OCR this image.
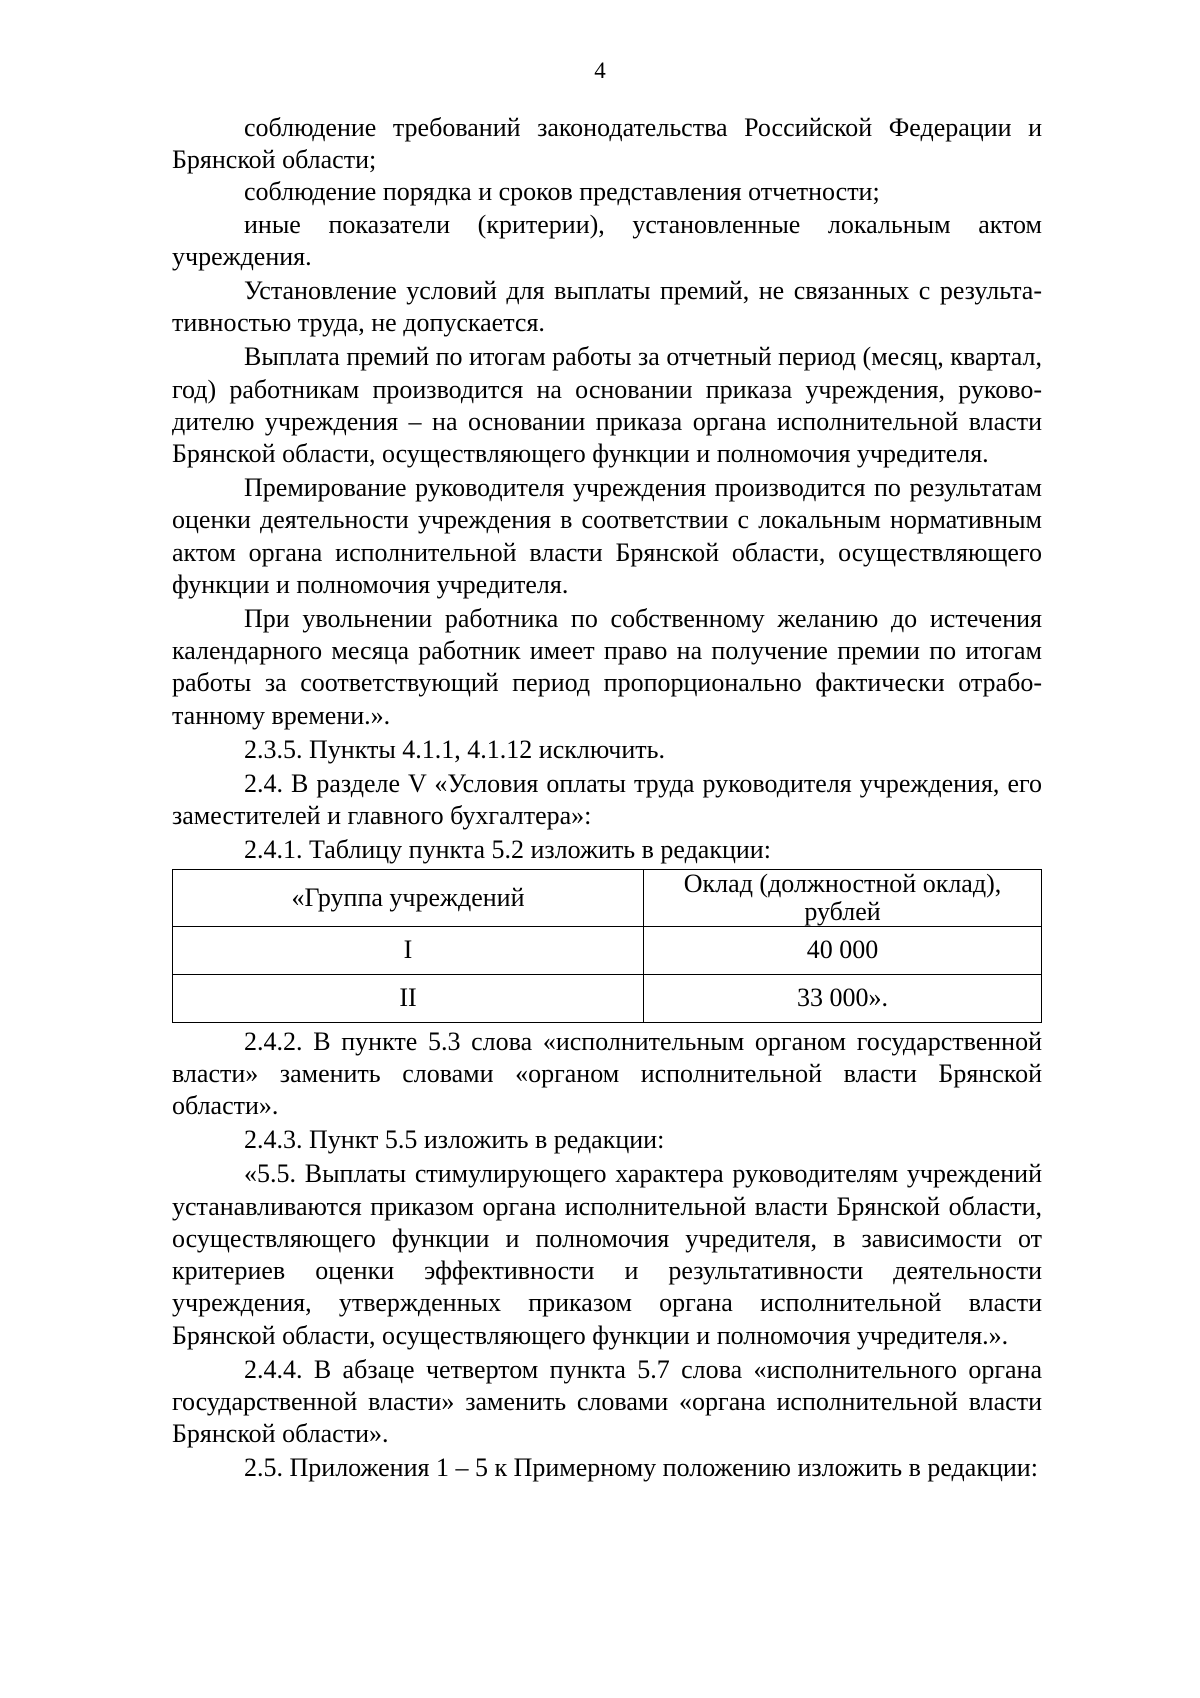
4

соблюдение требований законодательства Российской Федерации и Брянской области;

соблюдение порядка и сроков представления отчетности;

иные показатели (критерии), установленные локальным актом учреждения.

Установление условий для выплаты премий, не связанных с результативностью труда, не допускается.

Выплата премий по итогам работы за отчетный период (месяц, квартал, год) работникам производится на основании приказа учреждения, руководителю учреждения – на основании приказа органа исполнительной власти Брянской области, осуществляющего функции и полномочия учредителя.

Премирование руководителя учреждения производится по результатам оценки деятельности учреждения в соответствии с локальным нормативным актом органа исполнительной власти Брянской области, осуществляющего функции и полномочия учредителя.

При увольнении работника по собственному желанию до истечения календарного месяца работник имеет право на получение премии по итогам работы за соответствующий период пропорционально фактически отработанному времени.».

2.3.5. Пункты 4.1.1, 4.1.12 исключить.

2.4. В разделе V «Условия оплаты труда руководителя учреждения, его заместителей и главного бухгалтера»:

2.4.1. Таблицу пункта 5.2 изложить в редакции:

«Группа учреждений	Оклад (должностной оклад), рублей
I	40 000
II	33 000».

2.4.2. В пункте 5.3 слова «исполнительным органом государственной власти» заменить словами «органом исполнительной власти Брянской области».

2.4.3. Пункт 5.5 изложить в редакции:

«5.5. Выплаты стимулирующего характера руководителям учреждений устанавливаются приказом органа исполнительной власти Брянской области, осуществляющего функции и полномочия учредителя, в зависимости от критериев оценки эффективности и результативности деятельности учреждения, утвержденных приказом органа исполнительной власти Брянской области, осуществляющего функции и полномочия учредителя.».

2.4.4. В абзаце четвертом пункта 5.7 слова «исполнительного органа государственной власти» заменить словами «органа исполнительной власти Брянской области».

2.5. Приложения 1 – 5 к Примерному положению изложить в редакции:
